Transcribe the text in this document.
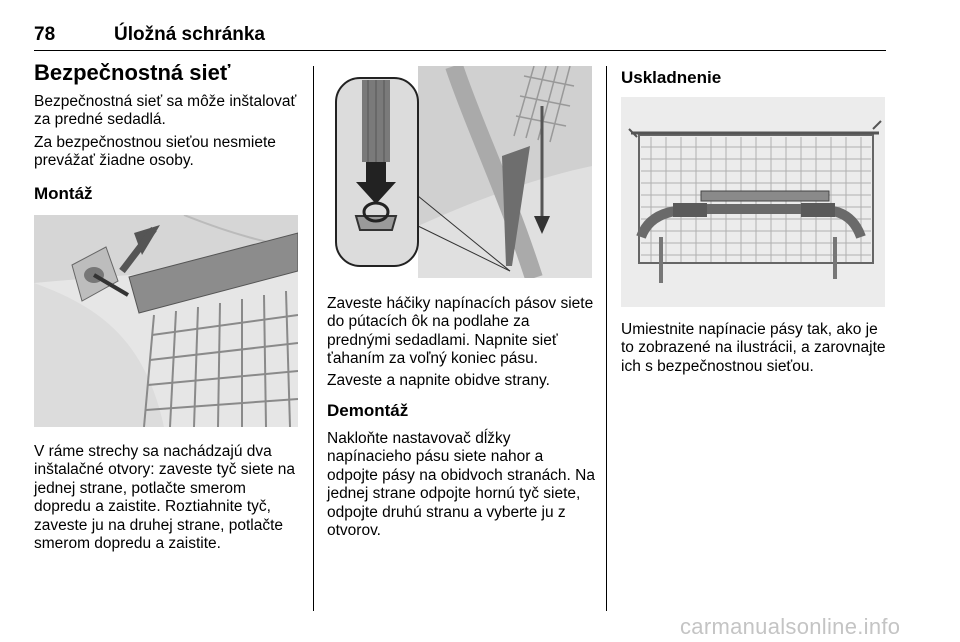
78	Úložná schránka
Bezpečnostná sieť

Bezpečnostná sieť sa môže inštalovať za predné sedadlá.

Za bezpečnostnou sieťou nesmiete prevážať žiadne osoby.

Montáž

V ráme strechy sa nachádzajú dva inštalačné otvory: zaveste tyč siete na jednej strane, potlačte smerom dopredu a zaistite. Roztiahnite tyč, zaveste ju na druhej strane, potlačte smerom dopredu a zaistite.

Zaveste háčiky napínacích pásov siete do pútacích ôk na podlahe za prednými sedadlami. Napnite sieť ťahaním za voľný koniec pásu.

Zaveste a napnite obidve strany.

Demontáž

Nakloňte nastavovač dĺžky napínacieho pásu siete nahor a odpojte pásy na obidvoch stranách. Na jednej strane odpojte hornú tyč siete, odpojte druhú stranu a vyberte ju z otvorov.

Uskladnenie

Umiestnite napínacie pásy tak, ako je to zobrazené na ilustrácii, a zarovnajte ich s bezpečnostnou sieťou.

carmanualsonline.info
